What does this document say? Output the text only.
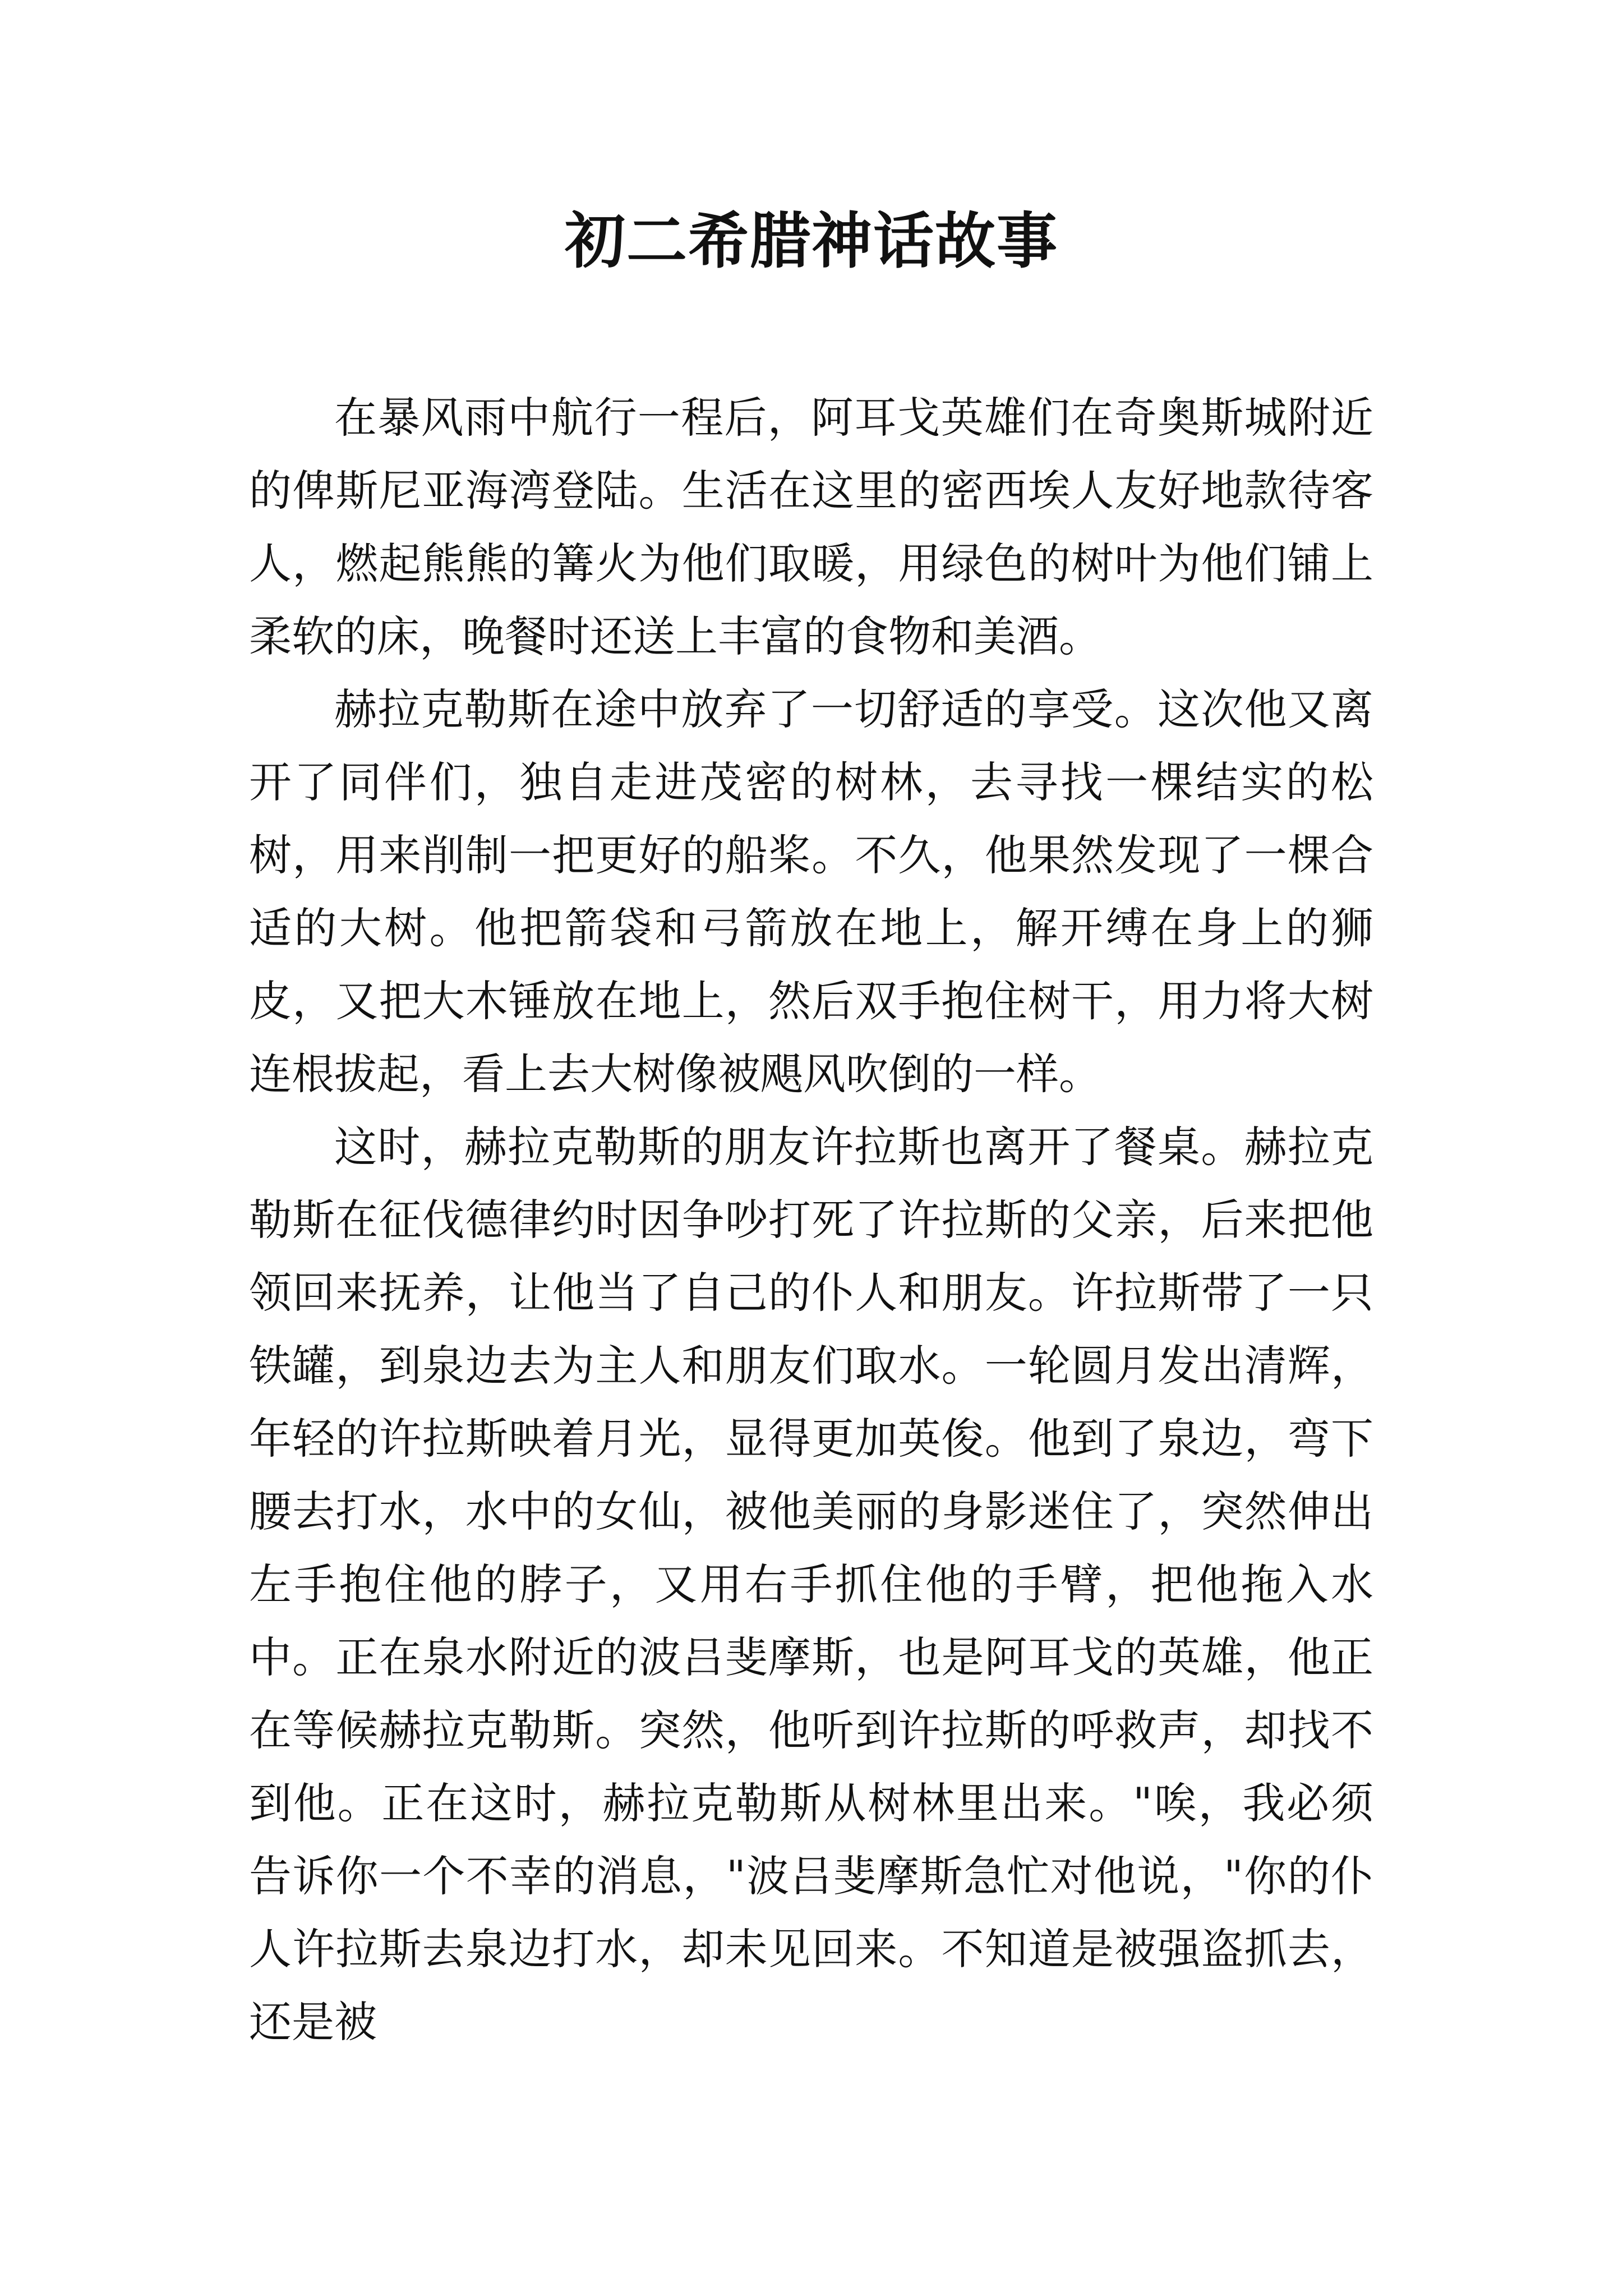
初二希腊神话故事

在暴风雨中航行一程后，阿耳戈英雄们在奇奥斯城附近的俾斯尼亚海湾登陆。生活在这里的密西埃人友好地款待客人，燃起熊熊的篝火为他们取暖，用绿色的树叶为他们铺上柔软的床，晚餐时还送上丰富的食物和美酒。

赫拉克勒斯在途中放弃了一切舒适的享受。这次他又离开了同伴们，独自走进茂密的树林，去寻找一棵结实的松树，用来削制一把更好的船桨。不久，他果然发现了一棵合适的大树。他把箭袋和弓箭放在地上，解开缚在身上的狮皮，又把大木锤放在地上，然后双手抱住树干，用力将大树连根拔起，看上去大树像被飓风吹倒的一样。

这时，赫拉克勒斯的朋友许拉斯也离开了餐桌。赫拉克勒斯在征伐德律约时因争吵打死了许拉斯的父亲，后来把他领回来抚养，让他当了自己的仆人和朋友。许拉斯带了一只铁罐，到泉边去为主人和朋友们取水。一轮圆月发出清辉，年轻的许拉斯映着月光，显得更加英俊。他到了泉边，弯下腰去打水，水中的女仙，被他美丽的身影迷住了，突然伸出左手抱住他的脖子，又用右手抓住他的手臂，把他拖入水中。正在泉水附近的波吕斐摩斯，也是阿耳戈的英雄，他正在等候赫拉克勒斯。突然，他听到许拉斯的呼救声，却找不到他。正在这时，赫拉克勒斯从树林里出来。"唉，我必须告诉你一个不幸的消息，"波吕斐摩斯急忙对他说，"你的仆人许拉斯去泉边打水，却未见回来。不知道是被强盗抓去，还是被
